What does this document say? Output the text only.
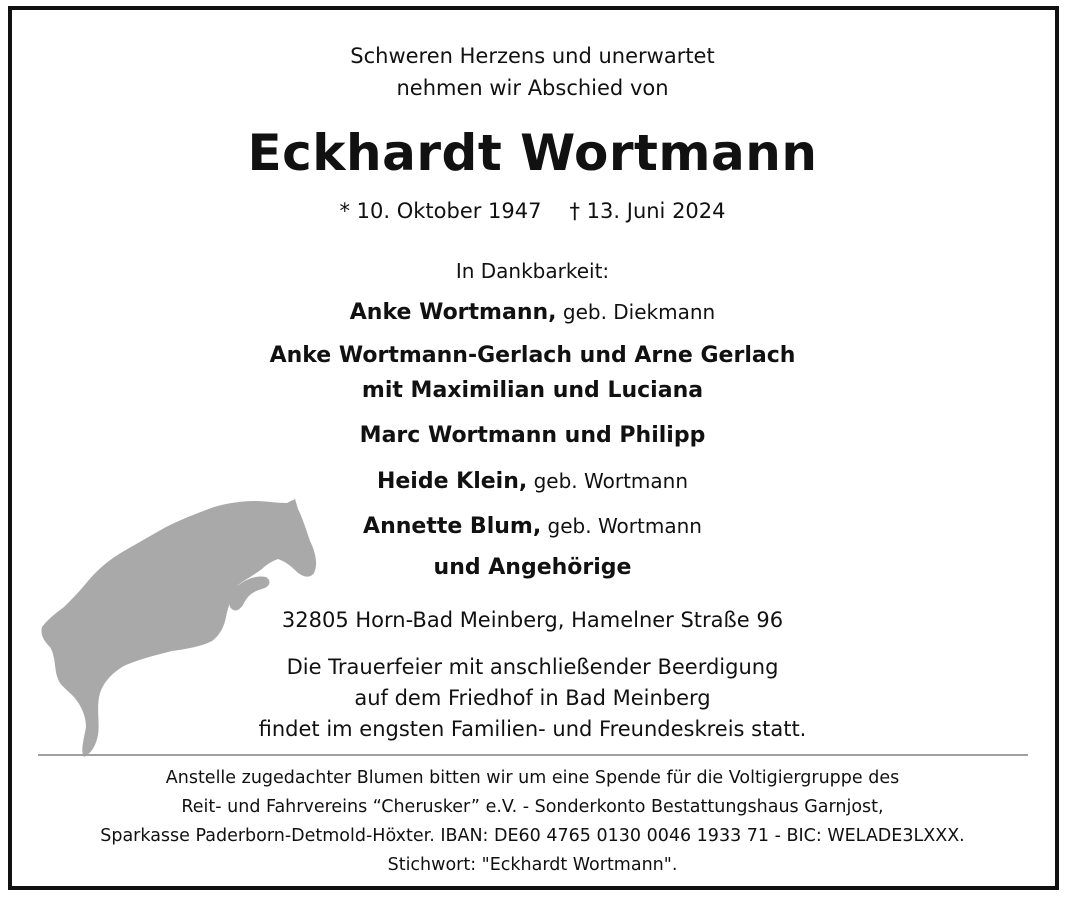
Schweren Herzens und unerwartet
nehmen wir Abschied von
Eckhardt Wortmann
* 10. Oktober 1947 † 13. Juni 2024
In Dankbarkeit:
Anke Wortmann, geb. Diekmann
Anke Wortmann-Gerlach und Arne Gerlach
mit Maximilian und Luciana
Marc Wortmann und Philipp
Heide Klein, geb. Wortmann
Annette Blum, geb. Wortmann
und Angehörige
32805 Horn-Bad Meinberg, Hamelner Straße 96
Die Trauerfeier mit anschließender Beerdigung
auf dem Friedhof in Bad Meinberg
findet im engsten Familien- und Freundeskreis statt.
Anstelle zugedachter Blumen bitten wir um eine Spende für die Voltigiergruppe des
Reit- und Fahrvereins “Cherusker” e.V. - Sonderkonto Bestattungshaus Garnjost,
Sparkasse Paderborn-Detmold-Höxter. IBAN: DE60 4765 0130 0046 1933 71 - BIC: WELADE3LXXX.
Stichwort: "Eckhardt Wortmann".
